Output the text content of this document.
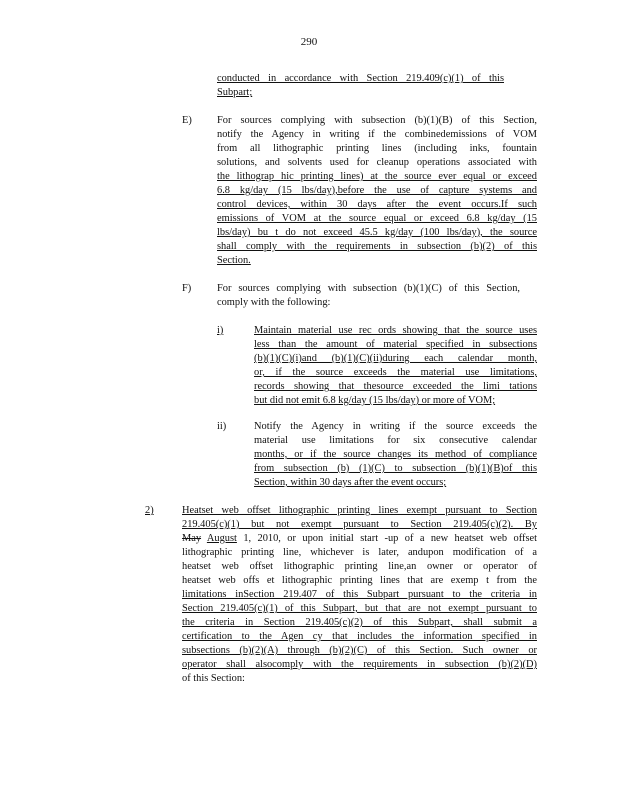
290
conducted in accordance with Section 219.409(c)(1) of this
Subpart;
E) For sources complying with subsection (b)(1)(B) of this Section,
notify the Agency in writing if the combinedemissions of VOM
from all lithographic printing lines (including inks, fountain
solutions, and solvents used for cleanup operations associated with
the lithograp hic printing lines) at the source ever equal or exceed
6.8 kg/day (15 lbs/day),before the use of capture systems and
control devices, within 30 days after the event occurs.If such
emissions of VOM at the source equal or exceed 6.8 kg/day (15
lbs/day) bu t do not exceed 45.5 kg/day (100 lbs/day), the source
shall comply with the requirements in subsection (b)(2) of this
Section.
F) For sources complying with subsection (b)(1)(C) of this Section,
comply with the following:
i)	Maintain material use rec ords showing that the source uses
less than the amount of material specified in subsections
(b)(1)(C)(i)and (b)(1)(C)(ii)during each calendar month,
or, if the source exceeds the material use limitations,
records showing that thesource exceeded the limi tations
but did not emit 6.8 kg/day (15 lbs/day) or more of VOM;
ii)	Notify the Agency in writing if the source exceeds the
material use limitations for six consecutive calendar
months, or if the source changes its method of compliance
from subsection (b) (1)(C) to subsection (b)(1)(B)of this
Section, within 30 days after the event occurs;
2)	Heatset web offset lithographic printing lines exempt pursuant to Section
219.405(c)(1) but not exempt pursuant to Section 219.405(c)(2). By
May August 1, 2010, or upon initial start -up of a new heatset web offset
lithographic printing line, whichever is later, andupon modification of a
heatset web offset lithographic printing line,an owner or operator of
heatset web offs et lithographic printing lines that are exemp t from the
limitations inSection 219.407 of this Subpart pursuant to the criteria in
Section 219.405(c)(1) of this Subpart, but that are not exempt pursuant to
the criteria in Section 219.405(c)(2) of this Subpart, shall submit a
certification to the Agen cy that includes the information specified in
subsections (b)(2)(A) through (b)(2)(C) of this Section. Such owner or
operator shall alsocomply with the requirements in subsection (b)(2)(D)
of this Section:
